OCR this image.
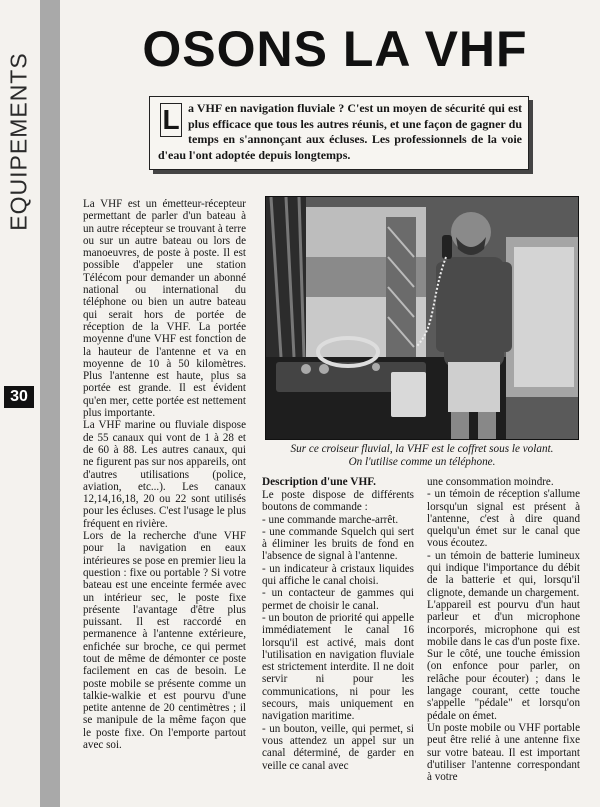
EQUIPEMENTS
30
OSONS LA VHF
L a VHF en navigation fluviale ? C'est un moyen de sécurité qui est plus efficace que tous les autres réunis, et une façon de gagner du temps en s'annonçant aux écluses. Les professionnels de la voie d'eau l'ont adoptée depuis longtemps.

La VHF est un émetteur-récepteur permettant de parler d'un bateau à un autre récepteur se trouvant à terre ou sur un autre bateau ou lors de manoeuvres, de poste à poste. Il est possible d'appeler une station Télécom pour demander un abonné national ou international du téléphone ou bien un autre bateau qui serait hors de portée de réception de la VHF. La portée moyenne d'une VHF est fonction de la hauteur de l'antenne et va en moyenne de 10 à 50 kilomètres. Plus l'antenne est haute, plus sa portée est grande. Il est évident qu'en mer, cette portée est nettement plus importante.

La VHF marine ou fluviale dispose de 55 canaux qui vont de 1 à 28 et de 60 à 88. Les autres canaux, qui ne figurent pas sur nos appareils, ont d'autres utilisations (police, aviation, etc...). Les canaux 12,14,16,18, 20 ou 22 sont utilisés pour les écluses. C'est l'usage le plus fréquent en rivière.

Lors de la recherche d'une VHF pour la navigation en eaux intérieures se pose en premier lieu la question : fixe ou portable ? Si votre bateau est une enceinte fermée avec un intérieur sec, le poste fixe présente l'avantage d'être plus puissant. Il est raccordé en permanence à l'antenne extérieure, enfichée sur broche, ce qui permet tout de même de démonter ce poste facilement en cas de besoin. Le poste mobile se présente comme un talkie-walkie et est pourvu d'une petite antenne de 20 centimètres ; il se manipule de la même façon que le poste fixe. On l'emporte partout avec soi.

Sur ce croiseur fluvial, la VHF est le coffret sous le volant.
On l'utilise comme un téléphone.
Description d'une VHF.

Le poste dispose de différents boutons de commande :

- une commande marche-arrêt.

- une commande Squelch qui sert à éliminer les bruits de fond en l'absence de signal à l'antenne.

- un indicateur à cristaux liquides qui affiche le canal choisi.

- un contacteur de gammes qui permet de choisir le canal.

- un bouton de priorité qui appelle immédiatement le canal 16 lorsqu'il est activé, mais dont l'utilisation en navigation fluviale est strictement interdite. Il ne doit servir ni pour les communications, ni pour les secours, mais uniquement en navigation maritime.

- un bouton, veille, qui permet, si vous attendez un appel sur un canal déterminé, de garder en veille ce canal avec

une consommation moindre.

- un témoin de réception s'allume lorsqu'un signal est présent à l'antenne, c'est à dire quand quelqu'un émet sur le canal que vous écoutez.

- un témoin de batterie lumineux qui indique l'importance du débit de la batterie et qui, lorsqu'il clignote, demande un chargement.

L'appareil est pourvu d'un haut parleur et d'un microphone incorporés, microphone qui est mobile dans le cas d'un poste fixe. Sur le côté, une touche émission (on enfonce pour parler, on relâche pour écouter) ; dans le langage courant, cette touche s'appelle "pédale" et lorsqu'on pédale on émet.

Un poste mobile ou VHF portable peut être relié à une antenne fixe sur votre bateau. Il est important d'utiliser l'antenne correspondant à votre
